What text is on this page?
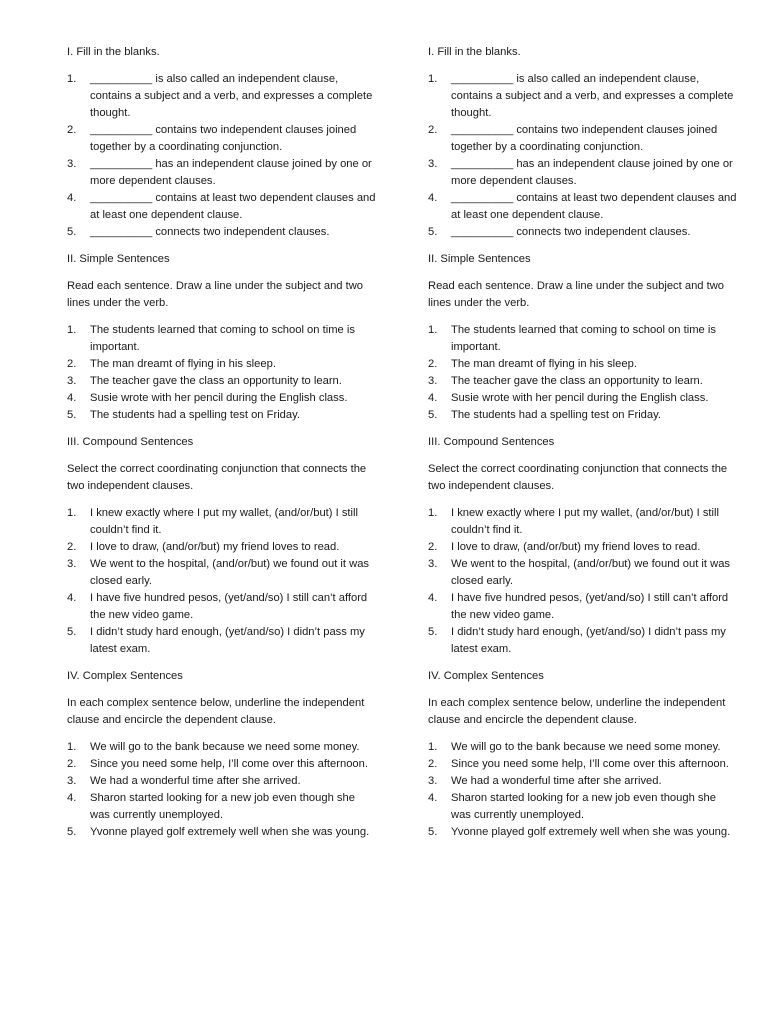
I. Fill in the blanks.
1. __________ is also called an independent clause, contains a subject and a verb, and expresses a complete thought.
2. __________ contains two independent clauses joined together by a coordinating conjunction.
3. __________ has an independent clause joined by one or more dependent clauses.
4. __________ contains at least two dependent clauses and at least one dependent clause.
5. __________ connects two independent clauses.
II. Simple Sentences
Read each sentence. Draw a line under the subject and two lines under the verb.
1. The students learned that coming to school on time is important.
2. The man dreamt of flying in his sleep.
3. The teacher gave the class an opportunity to learn.
4. Susie wrote with her pencil during the English class.
5. The students had a spelling test on Friday.
III. Compound Sentences
Select the correct coordinating conjunction that connects the two independent clauses.
1. I knew exactly where I put my wallet, (and/or/but) I still couldn’t find it.
2. I love to draw, (and/or/but) my friend loves to read.
3. We went to the hospital, (and/or/but) we found out it was closed early.
4. I have five hundred pesos, (yet/and/so) I still can’t afford the new video game.
5. I didn’t study hard enough, (yet/and/so) I didn’t pass my latest exam.
IV. Complex Sentences
In each complex sentence below, underline the independent clause and encircle the dependent clause.
1. We will go to the bank because we need some money.
2. Since you need some help, I’ll come over this afternoon.
3. We had a wonderful time after she arrived.
4. Sharon started looking for a new job even though she was currently unemployed.
5. Yvonne played golf extremely well when she was young.
I. Fill in the blanks.
1. __________ is also called an independent clause, contains a subject and a verb, and expresses a complete thought.
2. __________ contains two independent clauses joined together by a coordinating conjunction.
3. __________ has an independent clause joined by one or more dependent clauses.
4. __________ contains at least two dependent clauses and at least one dependent clause.
5. __________ connects two independent clauses.
II. Simple Sentences
Read each sentence. Draw a line under the subject and two lines under the verb.
1. The students learned that coming to school on time is important.
2. The man dreamt of flying in his sleep.
3. The teacher gave the class an opportunity to learn.
4. Susie wrote with her pencil during the English class.
5. The students had a spelling test on Friday.
III. Compound Sentences
Select the correct coordinating conjunction that connects the two independent clauses.
1. I knew exactly where I put my wallet, (and/or/but) I still couldn’t find it.
2. I love to draw, (and/or/but) my friend loves to read.
3. We went to the hospital, (and/or/but) we found out it was closed early.
4. I have five hundred pesos, (yet/and/so) I still can’t afford the new video game.
5. I didn’t study hard enough, (yet/and/so) I didn’t pass my latest exam.
IV. Complex Sentences
In each complex sentence below, underline the independent clause and encircle the dependent clause.
1. We will go to the bank because we need some money.
2. Since you need some help, I’ll come over this afternoon.
3. We had a wonderful time after she arrived.
4. Sharon started looking for a new job even though she was currently unemployed.
5. Yvonne played golf extremely well when she was young.
